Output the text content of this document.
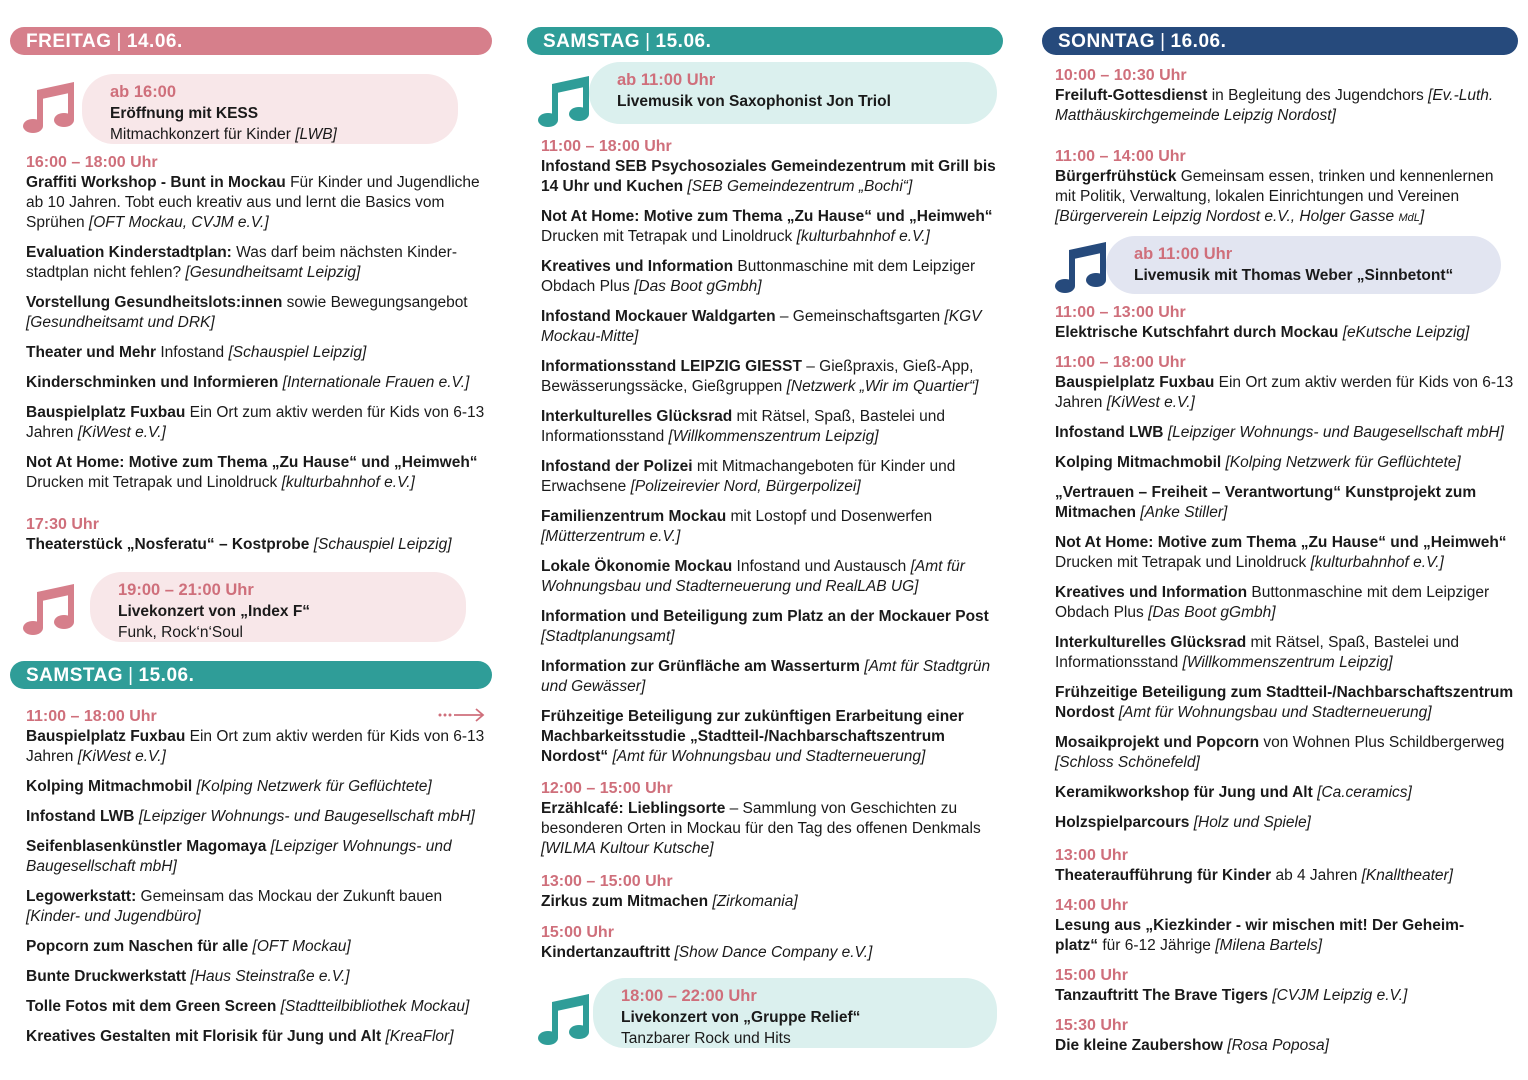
FREITAG | 14.06.
ab 16:00
Eröffnung mit KESS
Mitmachkonzert für Kinder [LWB]
16:00 – 18:00 Uhr
Graffiti Workshop - Bunt in Mockau Für Kinder und Jugendliche ab 10 Jahren. Tobt euch kreativ aus und lernt die Basics vom Sprühen [OFT Mockau, CVJM e.V.]
Evaluation Kinderstadtplan: Was darf beim nächsten Kinderstadtplan nicht fehlen? [Gesundheitsamt Leipzig]
Vorstellung Gesundheitslots:innen sowie Bewegungsangebot [Gesundheitsamt und DRK]
Theater und Mehr Infostand [Schauspiel Leipzig]
Kinderschminken und Informieren [Internationale Frauen e.V.]
Bauspielplatz Fuxbau Ein Ort zum aktiv werden für Kids von 6-13 Jahren [KiWest e.V.]
Not At Home: Motive zum Thema „Zu Hause“ und „Heimweh“ Drucken mit Tetrapak und Linoldruck [kulturbahnhof e.V.]
17:30 Uhr
Theaterstück „Nosferatu“ – Kostprobe [Schauspiel Leipzig]
19:00 – 21:00 Uhr
Livekonzert von „Index F“
Funk, Rock‘n‘Soul
SAMSTAG | 15.06.
11:00 – 18:00 Uhr
Bauspielplatz Fuxbau Ein Ort zum aktiv werden für Kids von 6-13 Jahren [KiWest e.V.]
Kolping Mitmachmobil [Kolping Netzwerk für Geflüchtete]
Infostand LWB [Leipziger Wohnungs- und Baugesellschaft mbH]
Seifenblasenkünstler Magomaya [Leipziger Wohnungs- und Baugesellschaft mbH]
Legowerkstatt: Gemeinsam das Mockau der Zukunft bauen [Kinder- und Jugendbüro]
Popcorn zum Naschen für alle [OFT Mockau]
Bunte Druckwerkstatt [Haus Steinstraße e.V.]
Tolle Fotos mit dem Green Screen [Stadtteilbibliothek Mockau]
Kreatives Gestalten mit Florisik für Jung und Alt [KreaFlor]
SAMSTAG | 15.06.
ab 11:00 Uhr
Livemusik von Saxophonist Jon Triol
11:00 – 18:00 Uhr
Infostand SEB Psychosoziales Gemeindezentrum mit Grill bis 14 Uhr und Kuchen [SEB Gemeindezentrum „Bochi“]
Not At Home: Motive zum Thema „Zu Hause“ und „Heimweh“ Drucken mit Tetrapak und Linoldruck [kulturbahnhof e.V.]
Kreatives und Information Buttonmaschine mit dem Leipziger Obdach Plus [Das Boot gGmbh]
Infostand Mockauer Waldgarten – Gemeinschaftsgarten [KGV Mockau-Mitte]
Informationsstand LEIPZIG GIESST – Gießpraxis, Gieß-App, Bewässerungssäcke, Gießgruppen [Netzwerk „Wir im Quartier“]
Interkulturelles Glücksrad mit Rätsel, Spaß, Bastelei und Informationsstand [Willkommenszentrum Leipzig]
Infostand der Polizei mit Mitmachangeboten für Kinder und Erwachsene [Polizeirevier Nord, Bürgerpolizei]
Familienzentrum Mockau mit Lostopf und Dosenwerfen [Mütterzentrum e.V.]
Lokale Ökonomie Mockau Infostand und Austausch [Amt für Wohnungsbau und Stadterneuerung und RealLAB UG]
Information und Beteiligung zum Platz an der Mockauer Post [Stadtplanungsamt]
Information zur Grünfläche am Wasserturm [Amt für Stadtgrün und Gewässer]
Frühzeitige Beteiligung zur zukünftigen Erarbeitung einer Machbarkeitsstudie „Stadtteil-/Nachbarschaftszentrum Nordost“ [Amt für Wohnungsbau und Stadterneuerung]
12:00 – 15:00 Uhr
Erzählcafé: Lieblingsorte – Sammlung von Geschichten zu besonderen Orten in Mockau für den Tag des offenen Denkmals [WILMA Kultour Kutsche]
13:00 – 15:00 Uhr
Zirkus zum Mitmachen [Zirkomania]
15:00 Uhr
Kindertanzauftritt [Show Dance Company e.V.]
18:00 – 22:00 Uhr
Livekonzert von „Gruppe Relief“
Tanzbarer Rock und Hits
SONNTAG | 16.06.
10:00 – 10:30 Uhr
Freiluft-Gottesdienst in Begleitung des Jugendchors [Ev.-Luth. Matthäuskirchgemeinde Leipzig Nordost]
11:00 – 14:00 Uhr
Bürgerfrühstück Gemeinsam essen, trinken und kennenlernen mit Politik, Verwaltung, lokalen Einrichtungen und Vereinen [Bürgerverein Leipzig Nordost e.V., Holger Gasse MdL]
ab 11:00 Uhr
Livemusik mit Thomas Weber „Sinnbetont“
11:00 – 13:00 Uhr
Elektrische Kutschfahrt durch Mockau [eKutsche Leipzig]
11:00 – 18:00 Uhr
Bauspielplatz Fuxbau Ein Ort zum aktiv werden für Kids von 6-13 Jahren [KiWest e.V.]
Infostand LWB [Leipziger Wohnungs- und Baugesellschaft mbH]
Kolping Mitmachmobil [Kolping Netzwerk für Geflüchtete]
„Vertrauen – Freiheit – Verantwortung“ Kunstprojekt zum Mitmachen [Anke Stiller]
Not At Home: Motive zum Thema „Zu Hause“ und „Heimweh“ Drucken mit Tetrapak und Linoldruck [kulturbahnhof e.V.]
Kreatives und Information Buttonmaschine mit dem Leipziger Obdach Plus [Das Boot gGmbh]
Interkulturelles Glücksrad mit Rätsel, Spaß, Bastelei und Informationsstand [Willkommenszentrum Leipzig]
Frühzeitige Beteiligung zum Stadtteil-/Nachbarschaftszentrum Nordost [Amt für Wohnungsbau und Stadterneuerung]
Mosaikprojekt und Popcorn von Wohnen Plus Schildbergerweg [Schloss Schönefeld]
Keramikworkshop für Jung und Alt [Ca.ceramics]
Holzspielparcours [Holz und Spiele]
13:00 Uhr
Theateraufführung für Kinder ab 4 Jahren [Knalltheater]
14:00 Uhr
Lesung aus „Kiezkinder - wir mischen mit! Der Geheimplatz“ für 6-12 Jährige [Milena Bartels]
15:00 Uhr
Tanzauftritt The Brave Tigers [CVJM Leipzig e.V.]
15:30 Uhr
Die kleine Zaubershow [Rosa Poposa]
